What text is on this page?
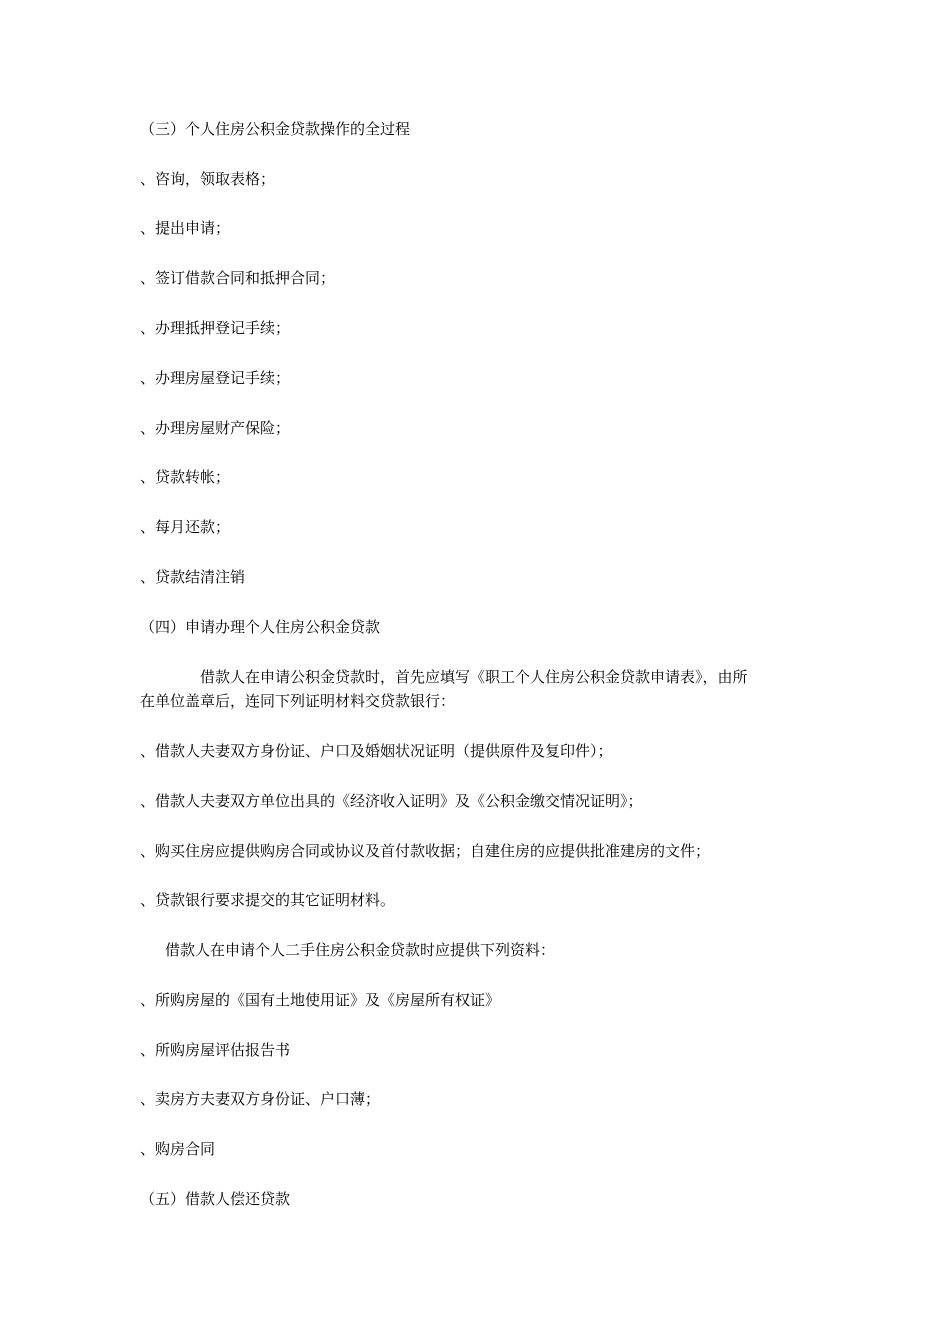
（三）个人住房公积金贷款操作的全过程
、咨询，领取表格；
、提出申请；
、签订借款合同和抵押合同；
、办理抵押登记手续；
、办理房屋登记手续；
、办理房屋财产保险；
、贷款转帐；
、每月还款；
、贷款结清注销
（四）申请办理个人住房公积金贷款
借款人在申请公积金贷款时，首先应填写《职工个人住房公积金贷款申请表》，由所
在单位盖章后，连同下列证明材料交贷款银行：
、借款人夫妻双方身份证、户口及婚姻状况证明（提供原件及复印件）；
、借款人夫妻双方单位出具的《经济收入证明》及《公积金缴交情况证明》；
、购买住房应提供购房合同或协议及首付款收据；自建住房的应提供批准建房的文件；
、贷款银行要求提交的其它证明材料。
借款人在申请个人二手住房公积金贷款时应提供下列资料：
、所购房屋的《国有土地使用证》及《房屋所有权证》
、所购房屋评估报告书
、卖房方夫妻双方身份证、户口薄；
、购房合同
（五）借款人偿还贷款
